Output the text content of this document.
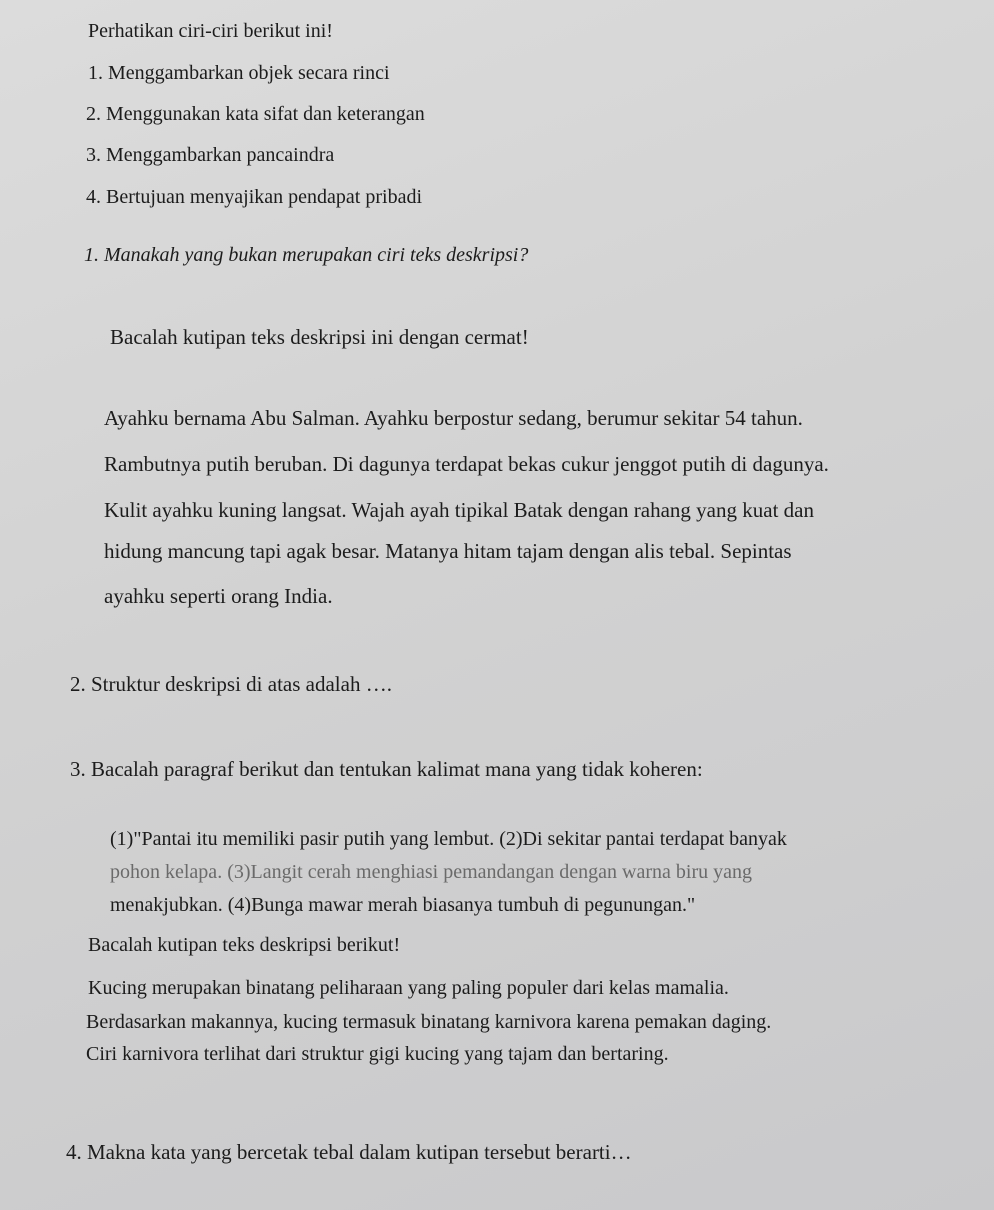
Perhatikan ciri-ciri berikut ini!
1. Menggambarkan objek secara rinci
2. Menggunakan kata sifat dan keterangan
3. Menggambarkan pancaindra
4. Bertujuan menyajikan pendapat pribadi
1. Manakah yang bukan merupakan ciri teks deskripsi?
Bacalah kutipan teks deskripsi ini dengan cermat!
Ayahku bernama Abu Salman. Ayahku berpostur sedang, berumur sekitar 54 tahun.
Rambutnya putih beruban. Di dagunya terdapat bekas cukur jenggot putih di dagunya.
Kulit ayahku kuning langsat. Wajah ayah tipikal Batak dengan rahang yang kuat dan
hidung mancung tapi agak besar. Matanya hitam tajam dengan alis tebal. Sepintas
ayahku seperti orang India.
2. Struktur deskripsi di atas adalah ….
3. Bacalah paragraf berikut dan tentukan kalimat mana yang tidak koheren:
(1)"Pantai itu memiliki pasir putih yang lembut. (2)Di sekitar pantai terdapat banyak
pohon kelapa. (3)Langit cerah menghiasi pemandangan dengan warna biru yang
menakjubkan. (4)Bunga mawar merah biasanya tumbuh di pegunungan."
Bacalah kutipan teks deskripsi berikut!
Kucing merupakan binatang peliharaan yang paling populer dari kelas mamalia.
Berdasarkan makannya, kucing termasuk binatang karnivora karena pemakan daging.
Ciri karnivora terlihat dari struktur gigi kucing yang tajam dan bertaring.
4. Makna kata yang bercetak tebal dalam kutipan tersebut berarti…
